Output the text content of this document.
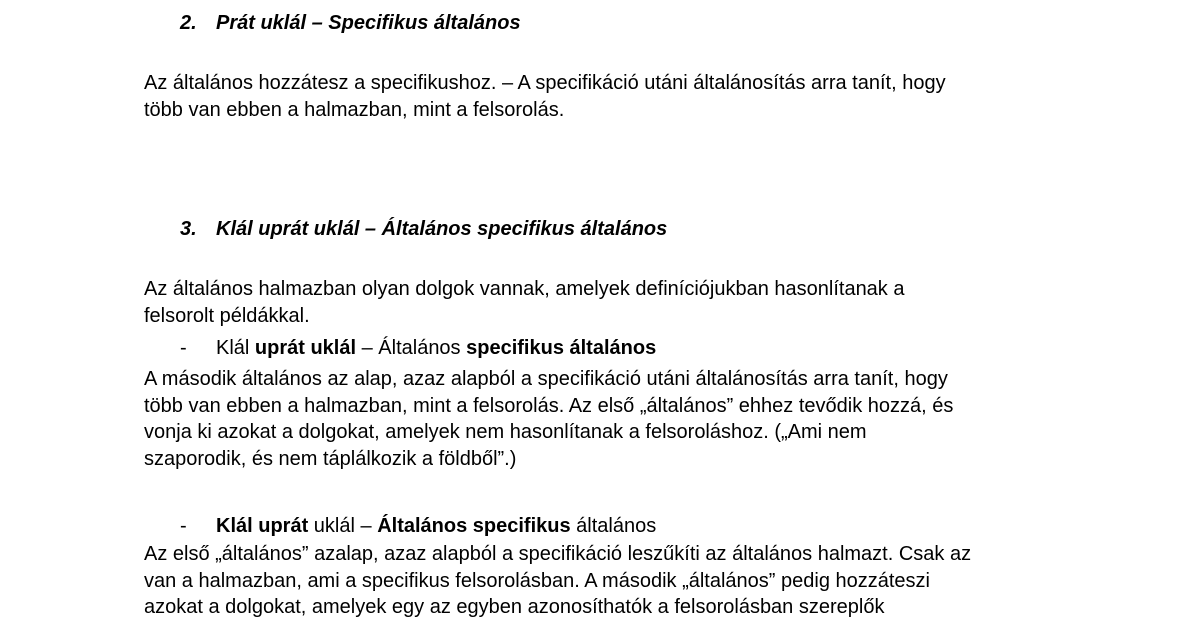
2. Prát uklál – Specifikus általános
Az általános hozzátesz a specifikushoz. – A specifikáció utáni általánosítás arra tanít, hogy
több van ebben a halmazban, mint a felsorolás.
3. Klál uprát uklál – Általános specifikus általános
Az általános halmazban olyan dolgok vannak, amelyek definíciójukban hasonlítanak a
felsorolt példákkal.
- Klál uprát uklál – Általános specifikus általános
A második általános az alap, azaz alapból a specifikáció utáni általánosítás arra tanít, hogy
több van ebben a halmazban, mint a felsorolás. Az első „általános” ehhez tevődik hozzá, és
vonja ki azokat a dolgokat, amelyek nem hasonlítanak a felsoroláshoz. („Ami nem
szaporodik, és nem táplálkozik a földből”.)
- Klál uprát uklál – Általános specifikus általános
Az első „általános” azalap, azaz alapból a specifikáció leszűkíti az általános halmazt. Csak az
van a halmazban, ami a specifikus felsorolásban. A második „általános” pedig hozzáteszi
azokat a dolgokat, amelyek egy az egyben azonosíthatók a felsorolásban szereplők
